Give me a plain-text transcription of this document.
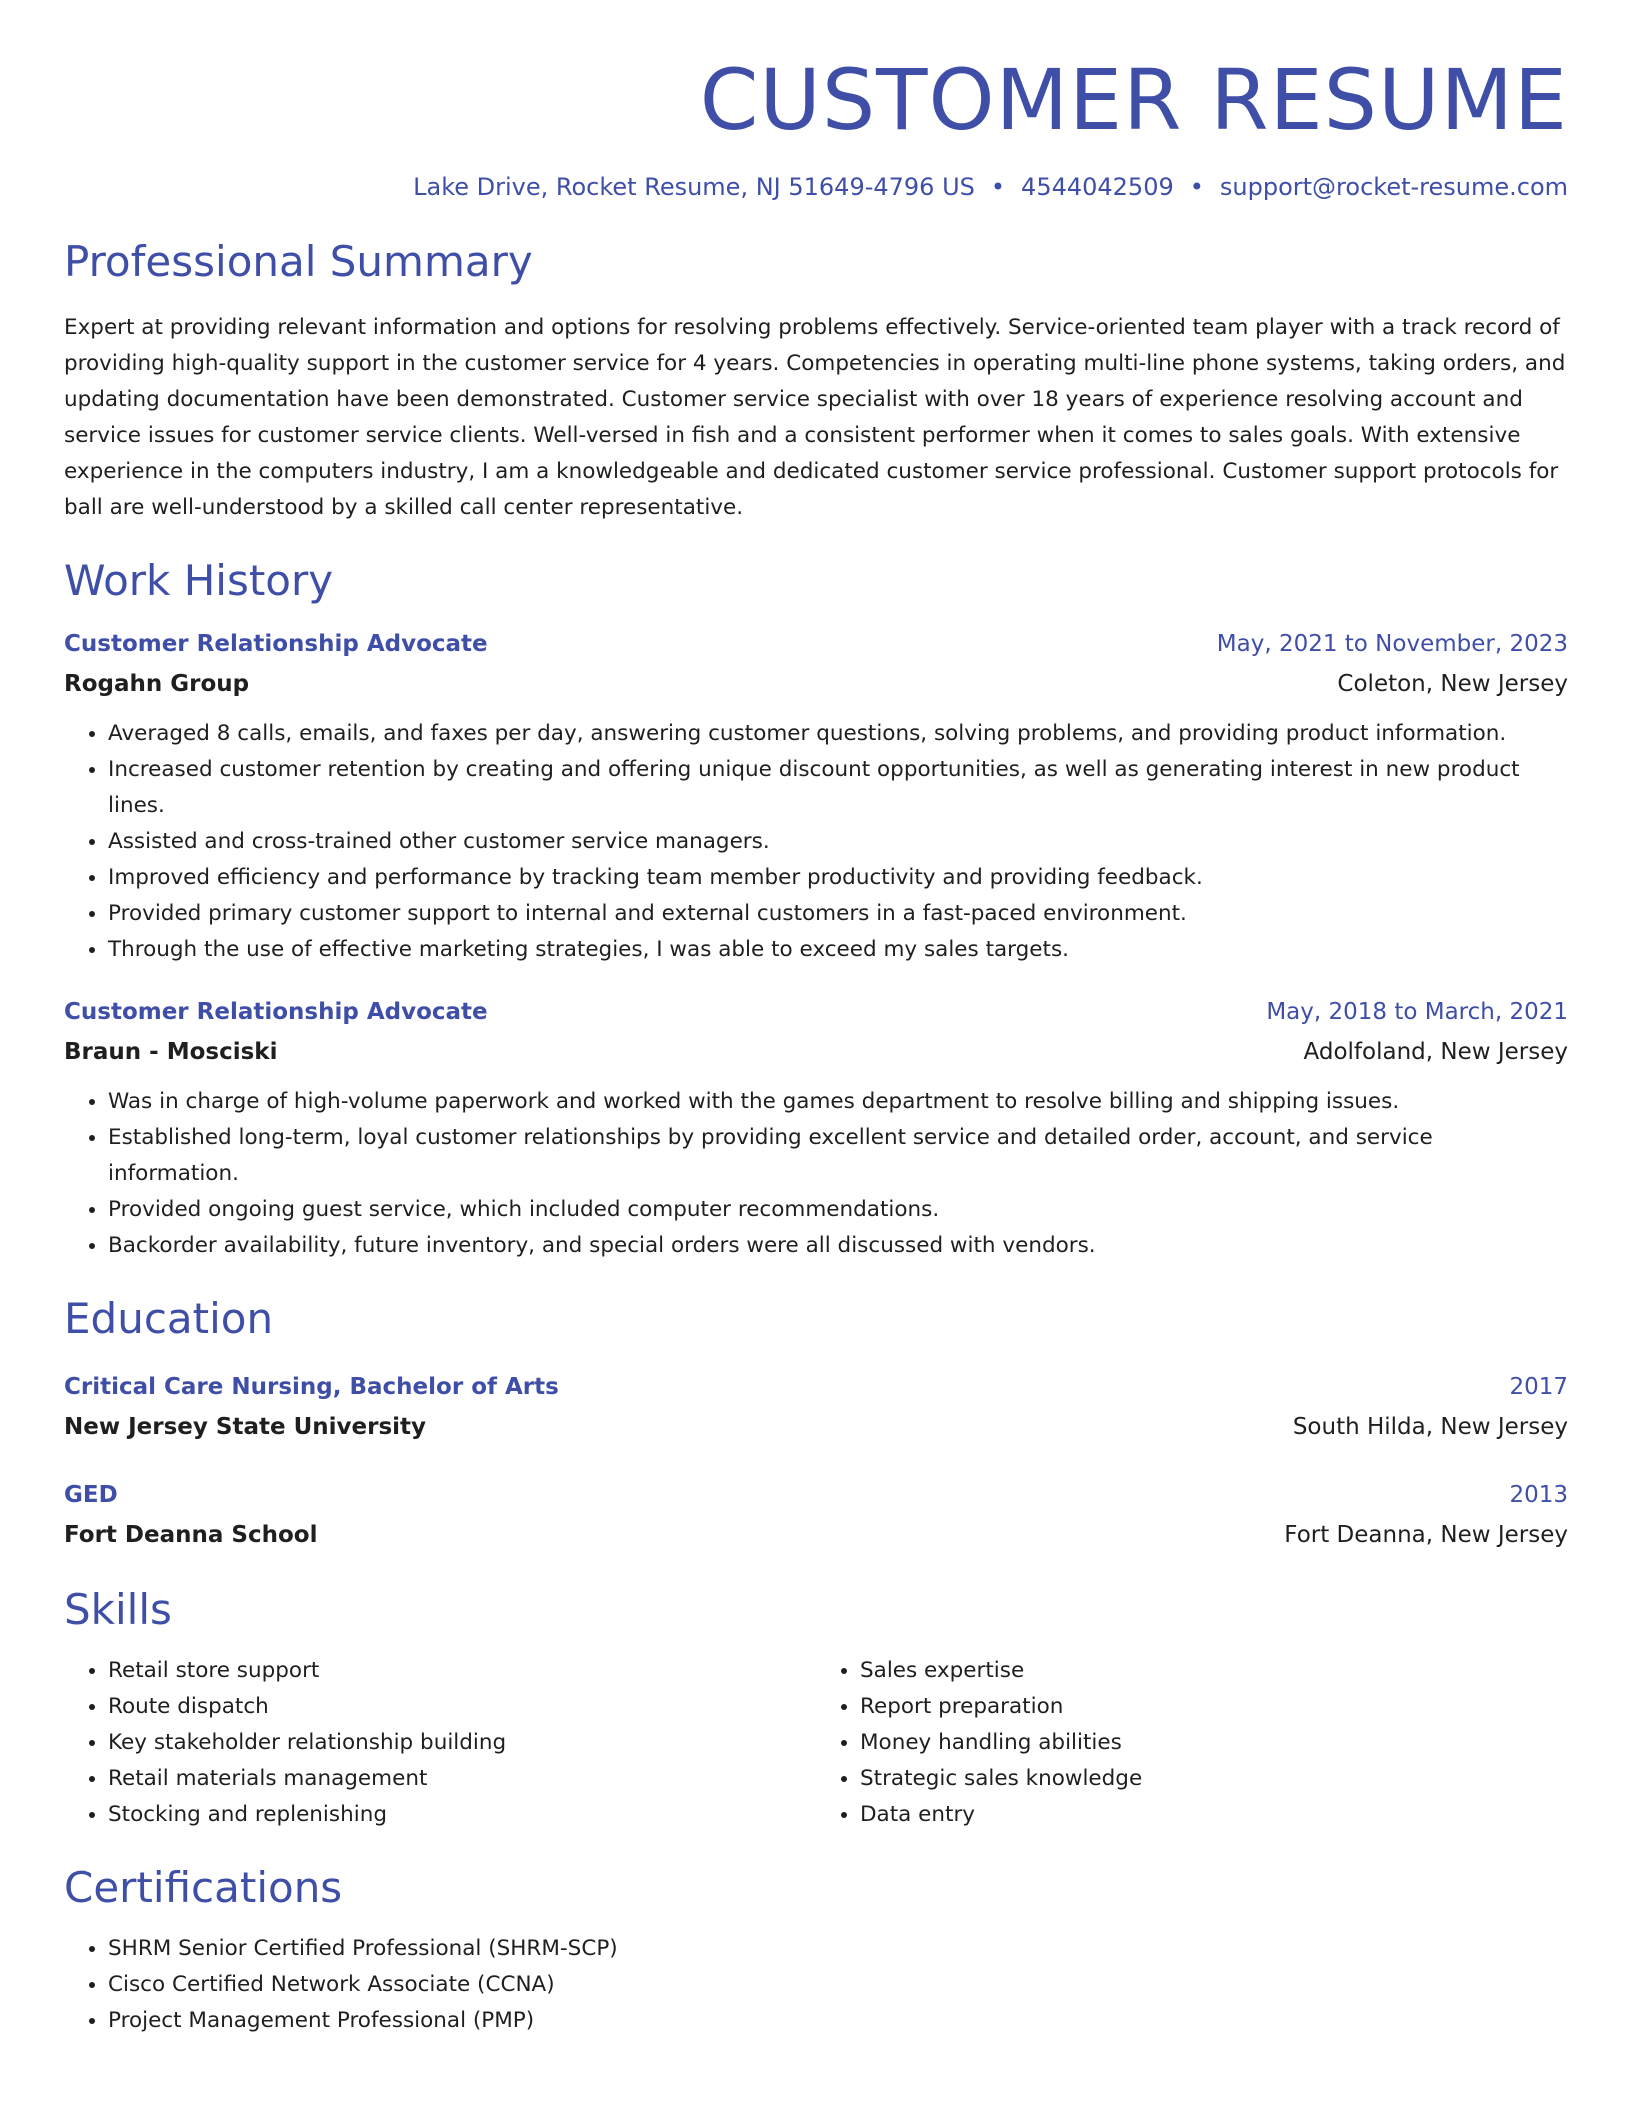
CUSTOMER RESUME
Lake Drive, Rocket Resume, NJ 51649-4796 US • 4544042509 • support@rocket-resume.com
Professional Summary
Expert at providing relevant information and options for resolving problems effectively. Service-oriented team player with a track record of providing high-quality support in the customer service for 4 years. Competencies in operating multi-line phone systems, taking orders, and updating documentation have been demonstrated. Customer service specialist with over 18 years of experience resolving account and service issues for customer service clients. Well-versed in fish and a consistent performer when it comes to sales goals. With extensive experience in the computers industry, I am a knowledgeable and dedicated customer service professional. Customer support protocols for ball are well-understood by a skilled call center representative.
Work History
Customer Relationship Advocate	May, 2021 to November, 2023
Rogahn Group	Coleton, New Jersey
• Averaged 8 calls, emails, and faxes per day, answering customer questions, solving problems, and providing product information.
• Increased customer retention by creating and offering unique discount opportunities, as well as generating interest in new product lines.
• Assisted and cross-trained other customer service managers.
• Improved efficiency and performance by tracking team member productivity and providing feedback.
• Provided primary customer support to internal and external customers in a fast-paced environment.
• Through the use of effective marketing strategies, I was able to exceed my sales targets.
Customer Relationship Advocate	May, 2018 to March, 2021
Braun - Mosciski	Adolfoland, New Jersey
• Was in charge of high-volume paperwork and worked with the games department to resolve billing and shipping issues.
• Established long-term, loyal customer relationships by providing excellent service and detailed order, account, and service information.
• Provided ongoing guest service, which included computer recommendations.
• Backorder availability, future inventory, and special orders were all discussed with vendors.
Education
Critical Care Nursing, Bachelor of Arts	2017
New Jersey State University	South Hilda, New Jersey
GED	2013
Fort Deanna School	Fort Deanna, New Jersey
Skills
• Retail store support
• Route dispatch
• Key stakeholder relationship building
• Retail materials management
• Stocking and replenishing
• Sales expertise
• Report preparation
• Money handling abilities
• Strategic sales knowledge
• Data entry
Certifications
• SHRM Senior Certified Professional (SHRM-SCP)
• Cisco Certified Network Associate (CCNA)
• Project Management Professional (PMP)
